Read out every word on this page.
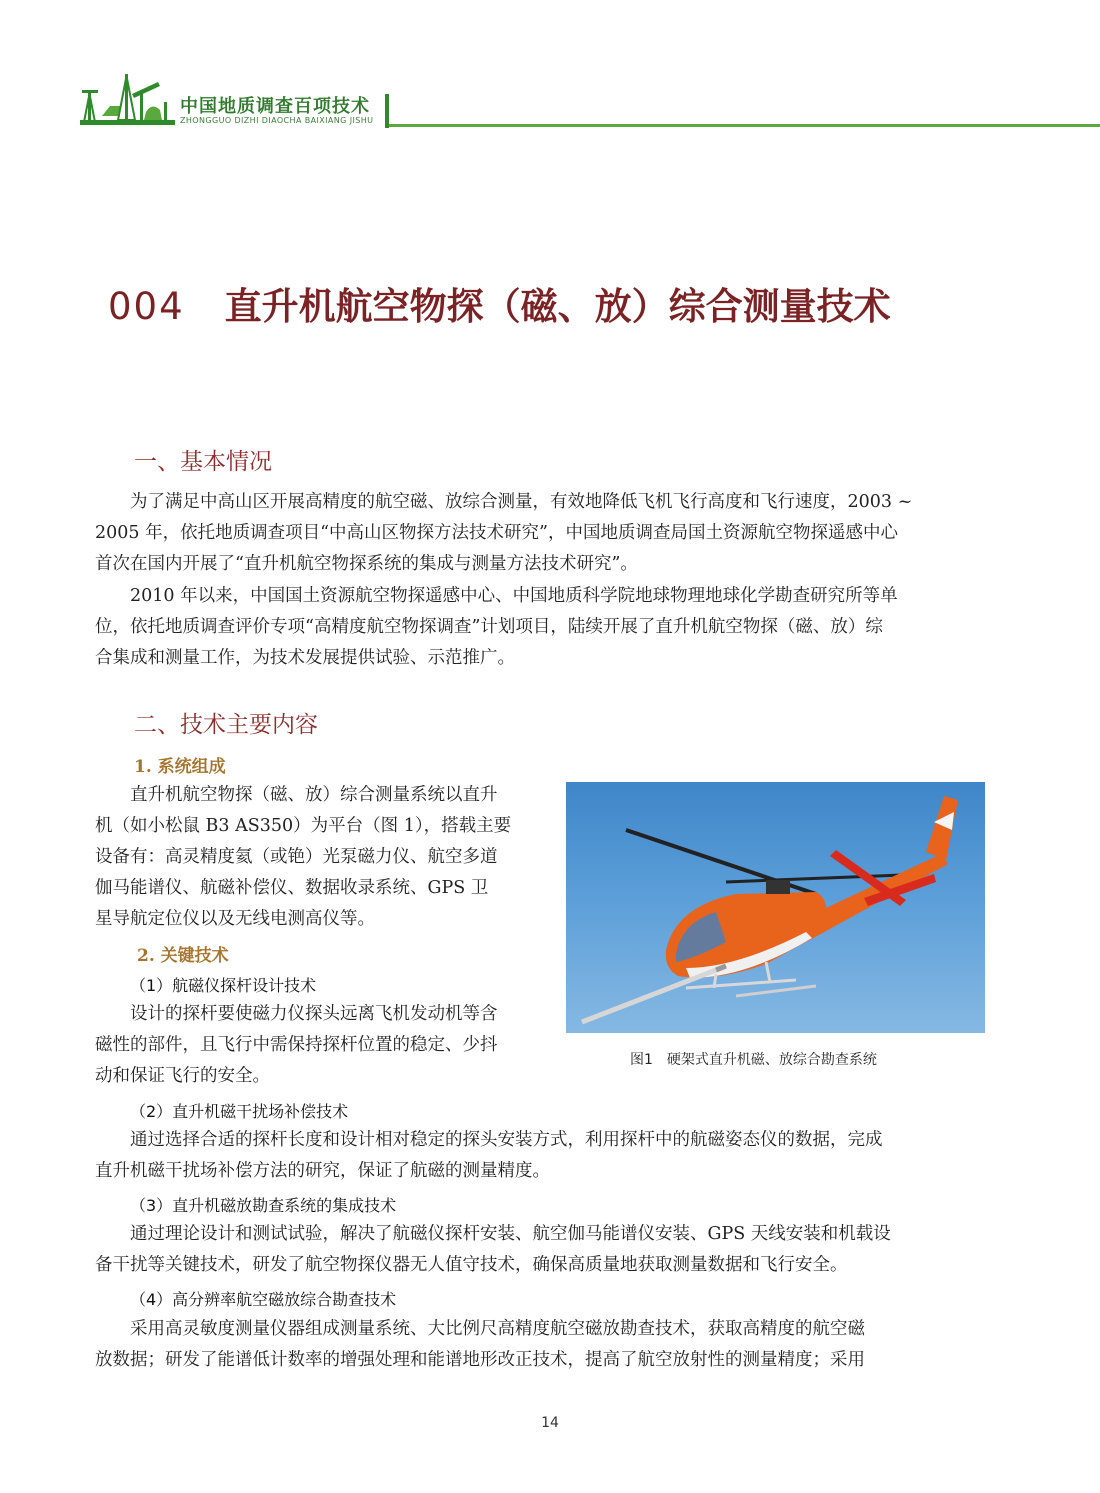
中国地质调查百项技术
ZHONGGUO DIZHI DIAOCHA BAIXIANG JISHU
004 直升机航空物探（磁、放）综合测量技术
一、基本情况
为了满足中高山区开展高精度的航空磁、放综合测量，有效地降低飞机飞行高度和飞行速度，2003 ~
2005 年，依托地质调查项目“中高山区物探方法技术研究”，中国地质调查局国土资源航空物探遥感中心
首次在国内开展了“直升机航空物探系统的集成与测量方法技术研究”。
2010 年以来，中国国土资源航空物探遥感中心、中国地质科学院地球物理地球化学勘查研究所等单
位，依托地质调查评价专项“高精度航空物探调查”计划项目，陆续开展了直升机航空物探（磁、放）综
合集成和测量工作，为技术发展提供试验、示范推广。
二、技术主要内容
1. 系统组成
直升机航空物探（磁、放）综合测量系统以直升
机（如小松鼠 B3 AS350）为平台（图 1），搭载主要
设备有：高灵精度氦（或铯）光泵磁力仪、航空多道
伽马能谱仪、航磁补偿仪、数据收录系统、GPS 卫
星导航定位仪以及无线电测高仪等。
2. 关键技术
（1）航磁仪探杆设计技术
设计的探杆要使磁力仪探头远离飞机发动机等含
磁性的部件，且飞行中需保持探杆位置的稳定、少抖
动和保证飞行的安全。
（2）直升机磁干扰场补偿技术
通过选择合适的探杆长度和设计相对稳定的探头安装方式，利用探杆中的航磁姿态仪的数据，完成
直升机磁干扰场补偿方法的研究，保证了航磁的测量精度。
（3）直升机磁放勘查系统的集成技术
通过理论设计和测试试验，解决了航磁仪探杆安装、航空伽马能谱仪安装、GPS 天线安装和机载设
备干扰等关键技术，研发了航空物探仪器无人值守技术，确保高质量地获取测量数据和飞行安全。
（4）高分辨率航空磁放综合勘查技术
采用高灵敏度测量仪器组成测量系统、大比例尺高精度航空磁放勘查技术，获取高精度的航空磁
放数据；研发了能谱低计数率的增强处理和能谱地形改正技术，提高了航空放射性的测量精度；采用
图1　硬架式直升机磁、放综合勘查系统
14
